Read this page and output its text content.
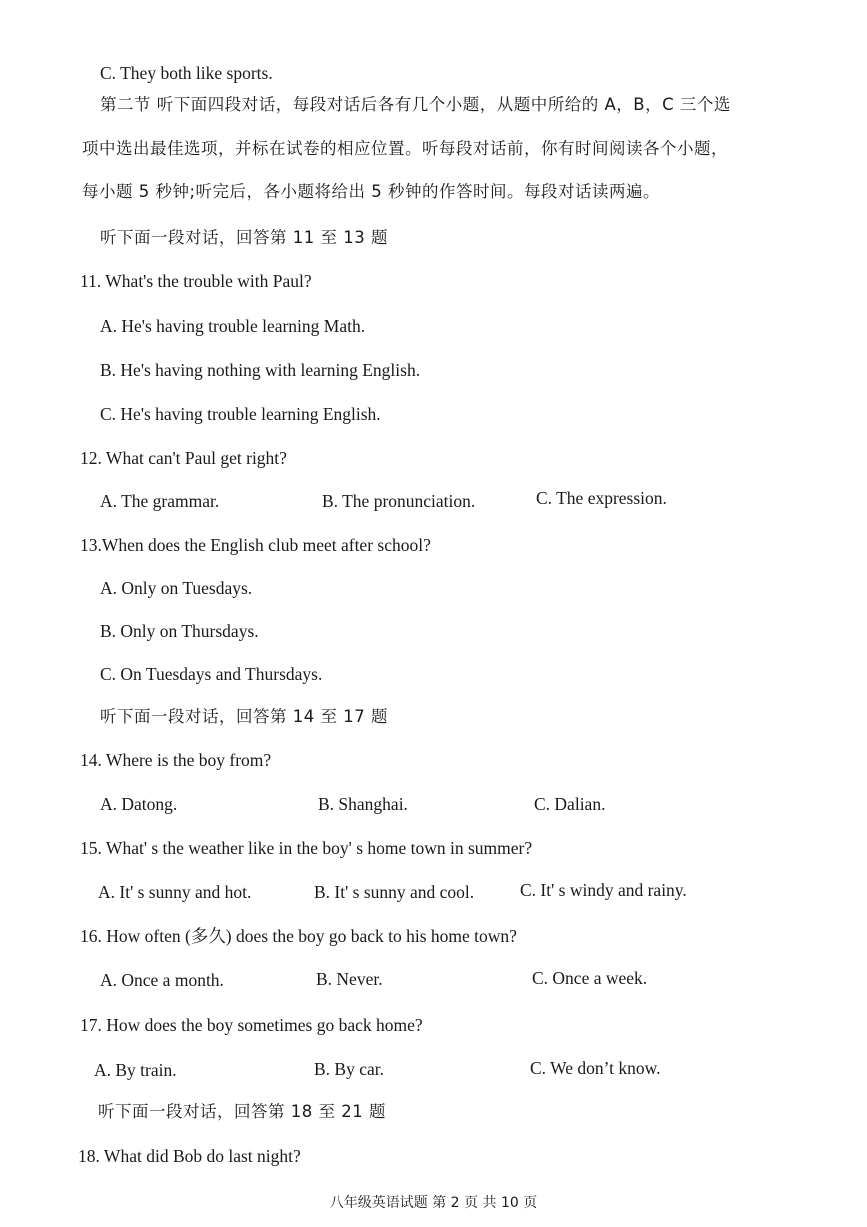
C. They both like sports.
第二节 听下面四段对话，每段对话后各有几个小题，从题中所给的 A，B，C 三个选
项中选出最佳选项，并标在试卷的相应位置。听每段对话前，你有时间阅读各个小题，
每小题 5 秒钟;听完后，各小题将给出 5 秒钟的作答时间。每段对话读两遍。
听下面一段对话，回答第 11 至 13 题
11. What's the trouble with Paul?
A. He's having trouble learning Math.
B. He's having nothing with learning English.
C. He's having trouble learning English.
12. What can't Paul get right?
A. The grammar.	B. The pronunciation.	C. The expression.
13.When does the English club meet after school?
A. Only on Tuesdays.
B. Only on Thursdays.
C. On Tuesdays and Thursdays.
听下面一段对话，回答第 14 至 17 题
14. Where is the boy from?
A. Datong.	B. Shanghai.	C. Dalian.
15. What' s the weather like in the boy' s home town in summer?
A. It' s sunny and hot.	B. It' s sunny and cool.	C. It' s windy and rainy.
16. How often (多久) does the boy go back to his home town?
A. Once a month.	B. Never.	C. Once a week.
17. How does the boy sometimes go back home?
A. By train.	B. By car.	C. We don’t know.
听下面一段对话，回答第 18 至 21 题
18. What did Bob do last night?
八年级英语试题 第 2 页 共 10 页
